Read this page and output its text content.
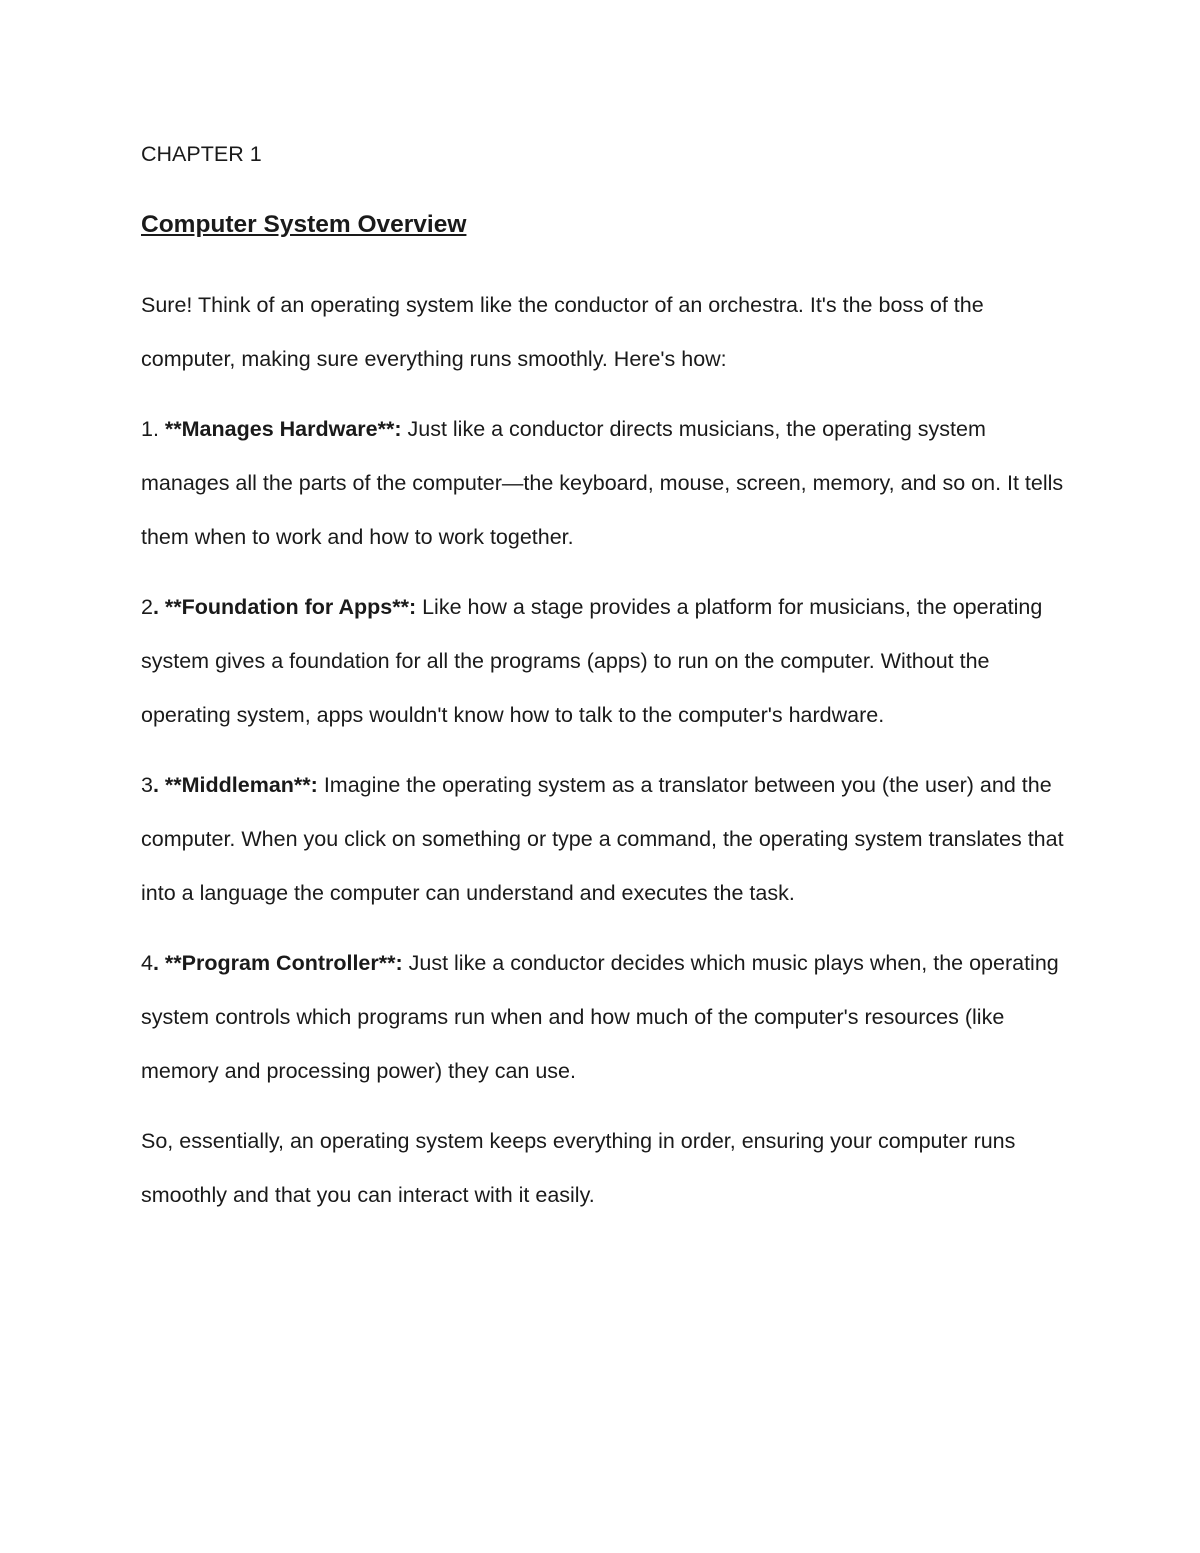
CHAPTER 1

Computer System Overview

Sure! Think of an operating system like the conductor of an orchestra. It's the boss of the computer, making sure everything runs smoothly. Here's how:

1. **Manages Hardware**: Just like a conductor directs musicians, the operating system manages all the parts of the computer—the keyboard, mouse, screen, memory, and so on. It tells them when to work and how to work together.

2. **Foundation for Apps**: Like how a stage provides a platform for musicians, the operating system gives a foundation for all the programs (apps) to run on the computer. Without the operating system, apps wouldn't know how to talk to the computer's hardware.

3. **Middleman**: Imagine the operating system as a translator between you (the user) and the computer. When you click on something or type a command, the operating system translates that into a language the computer can understand and executes the task.

4. **Program Controller**: Just like a conductor decides which music plays when, the operating system controls which programs run when and how much of the computer's resources (like memory and processing power) they can use.

So, essentially, an operating system keeps everything in order, ensuring your computer runs smoothly and that you can interact with it easily.
